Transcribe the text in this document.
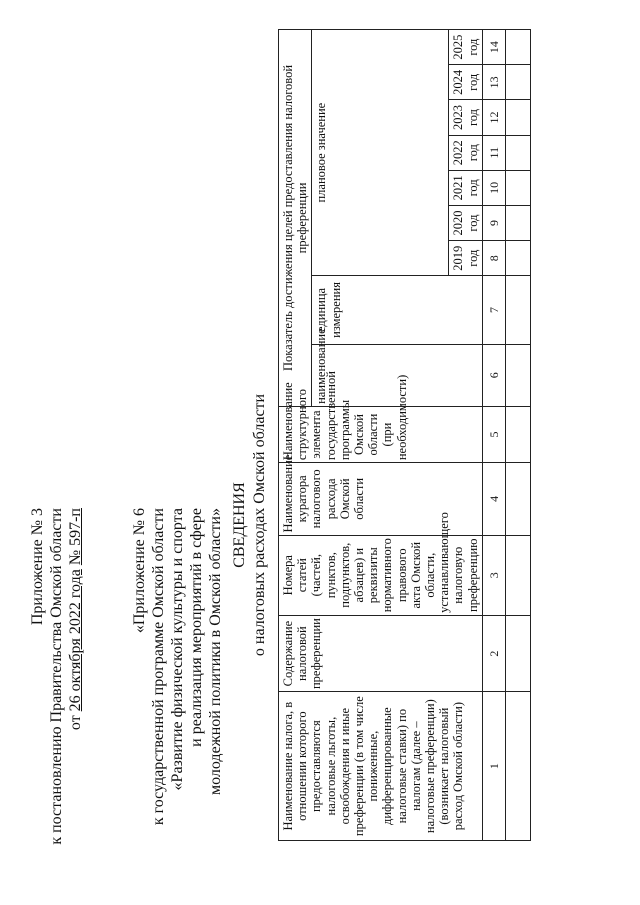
Приложение № 3 к постановлению Правительства Омской области от 26 октября 2022 года № 597-п	«Приложение № 6 к государственной программе Омской области «Развитие физической культуры и спорта и реализация мероприятий в сфере молодежной политики в Омской области» СВЕДЕНИЯ о налоговых расходах Омской области
Наименование налога, в отношении которого предоставляются налоговые льготы, освобождения и иные преференции (в том числе пониженные, дифференцированные налоговые ставки) по налогам (далее – налоговые преференции) (возникает налоговый расход Омской области)	Содержание налоговой преференции	Номера статей (частей, пунктов, подпунктов, абзацев) и реквизиты нормативного правового акта Омской области, устанавливающего налоговую преференцию	Наименование куратора налогового расхода Омской области	Наименование структурного элемента государственной программы Омской области (при необходимости)	Показатель достижения целей предоставления налоговой преференции								
					наименование	единица измерения	плановое значение						
							2019 год	2020 год	2021 год	2022 год	2023 год	2024 год	2025 год
1	2	3	4	5	6	7	8	9	10	11	12	13	14
